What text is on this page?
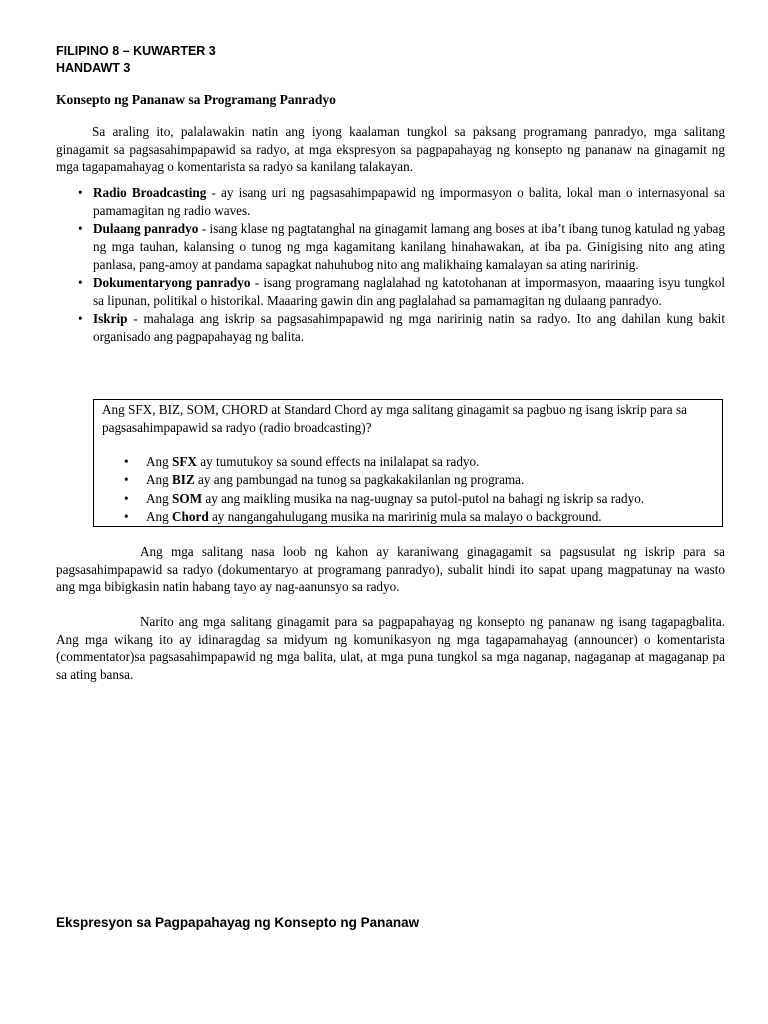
FILIPINO 8 – KUWARTER 3
HANDAWT 3
Konsepto ng Pananaw sa Programang Panradyo

Sa araling ito, palalawakin natin ang iyong kaalaman tungkol sa paksang programang panradyo, mga salitang ginagamit sa pagsasahimpapawid sa radyo, at mga ekspresyon sa pagpapahayag ng konsepto ng pananaw na ginagamit ng mga tagapamahayag o komentarista sa radyo sa kanilang talakayan.

• Radio Broadcasting - ay isang uri ng pagsasahimpapawid ng impormasyon o balita, lokal man o internasyonal sa pamamagitan ng radio waves.
• Dulaang panradyo - isang klase ng pagtatanghal na ginagamit lamang ang boses at iba’t ibang tunog katulad ng yabag ng mga tauhan, kalansing o tunog ng mga kagamitang kanilang hinahawakan, at iba pa. Ginigising nito ang ating panlasa, pang-amoy at pandama sapagkat nahuhubog nito ang malikhaing kamalayan sa ating naririnig.
• Dokumentaryong panradyo - isang programang naglalahad ng katotohanan at impormasyon, maaaring isyu tungkol sa lipunan, politikal o historikal. Maaaring gawin din ang paglalahad sa pamamagitan ng dulaang panradyo.
• Iskrip - mahalaga ang iskrip sa pagsasahimpapawid ng mga naririnig natin sa radyo. Ito ang dahilan kung bakit organisado ang pagpapahayag ng balita.

Ang SFX, BIZ, SOM, CHORD at Standard Chord ay mga salitang ginagamit sa pagbuo ng isang iskrip para sa pagsasahimpapawid sa radyo (radio broadcasting)?

• Ang SFX ay tumutukoy sa sound effects na inilalapat sa radyo.
• Ang BIZ ay ang pambungad na tunog sa pagkakakilanlan ng programa.
• Ang SOM ay ang maikling musika na nag-uugnay sa putol-putol na bahagi ng iskrip sa radyo.
• Ang Chord ay nangangahulugang musika na maririnig mula sa malayo o background.

Ang mga salitang nasa loob ng kahon ay karaniwang ginagagamit sa pagsusulat ng iskrip para sa pagsasahimpapawid sa radyo (dokumentaryo at programang panradyo), subalit hindi ito sapat upang magpatunay na wasto ang mga bibigkasin natin habang tayo ay nag-aanunsyo sa radyo.

Narito ang mga salitang ginagamit para sa pagpapahayag ng konsepto ng pananaw ng isang tagapagbalita. Ang mga wikang ito ay idinaragdag sa midyum ng komunikasyon ng mga tagapamahayag (announcer) o komentarista (commentator)sa pagsasahimpapawid ng mga balita, ulat, at mga puna tungkol sa mga naganap, nagaganap at magaganap pa sa ating bansa.

Ekspresyon sa Pagpapahayag ng Konsepto ng Pananaw
